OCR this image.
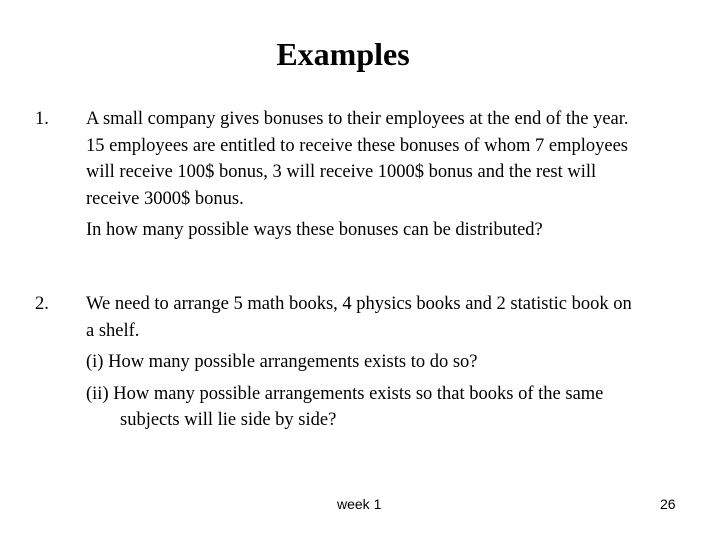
Examples
1. A small company gives bonuses to their employees at the end of the year.
15 employees are entitled to receive these bonuses of whom 7 employees
will receive 100$ bonus, 3 will receive 1000$ bonus and the rest will
receive 3000$ bonus.
In how many possible ways these bonuses can be distributed?
2. We need to arrange 5 math books, 4 physics books and 2 statistic book on
a shelf.
(i) How many possible arrangements exists to do so?
(ii) How many possible arrangements exists so that books of the same
subjects will lie side by side?
week 1	26
